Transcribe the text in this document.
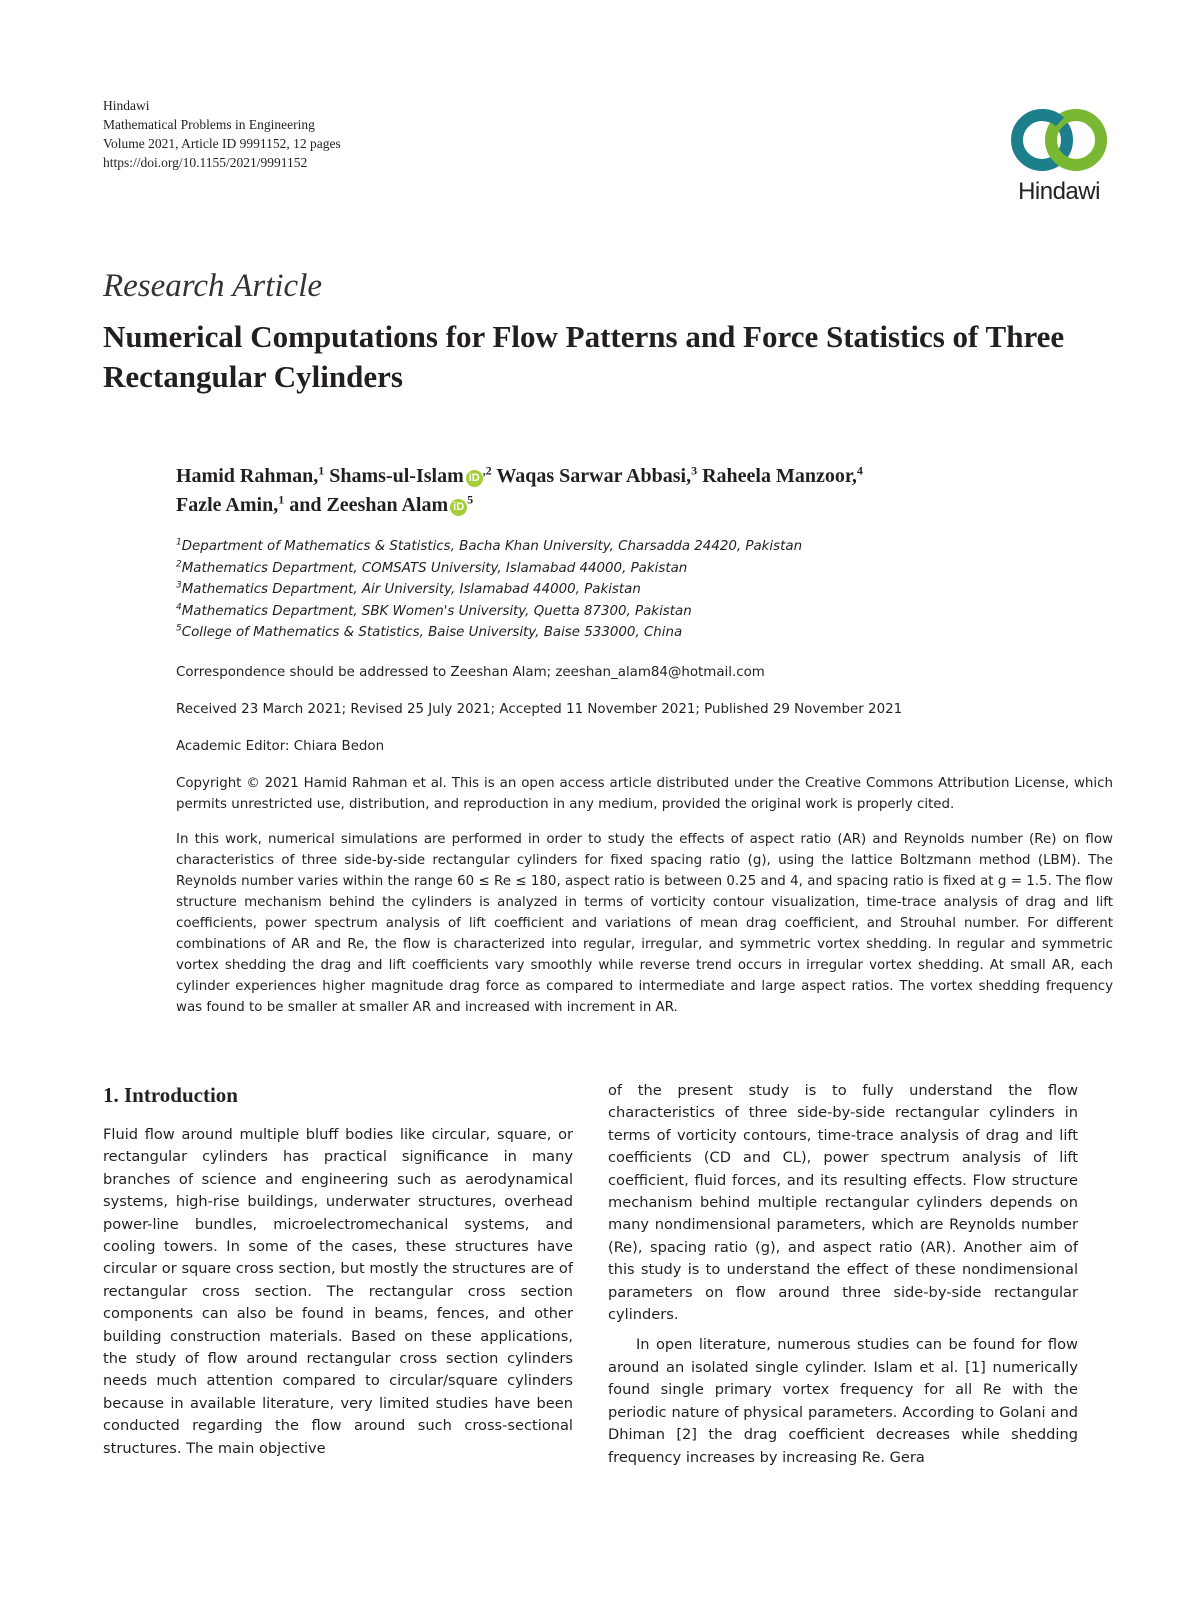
Hindawi
Mathematical Problems in Engineering
Volume 2021, Article ID 9991152, 12 pages
https://doi.org/10.1155/2021/9991152
Hindawi
Research Article
Numerical Computations for Flow Patterns and Force Statistics of Three Rectangular Cylinders

Hamid Rahman,$^1$ Shams-ul-Islam $iD^{,2}$ Waqas Sarwar Abbasi,$^3$ Raheela Manzoor,$^4$
Fazle Amin,$^1$ and Zeeshan Alam $iD^5$

$^1$Department of Mathematics & Statistics, Bacha Khan University, Charsadda 24420, Pakistan
$^2$Mathematics Department, COMSATS University, Islamabad 44000, Pakistan
$^3$Mathematics Department, Air University, Islamabad 44000, Pakistan
$^4$Mathematics Department, SBK Women's University, Quetta 87300, Pakistan
$^5$College of Mathematics & Statistics, Baise University, Baise 533000, China

Correspondence should be addressed to Zeeshan Alam; zeeshan_alam84@hotmail.com

Received 23 March 2021; Revised 25 July 2021; Accepted 11 November 2021; Published 29 November 2021

Academic Editor: Chiara Bedon

Copyright © 2021 Hamid Rahman et al. This is an open access article distributed under the Creative Commons Attribution License, which permits unrestricted use, distribution, and reproduction in any medium, provided the original work is properly cited.

In this work, numerical simulations are performed in order to study the effects of aspect ratio (AR) and Reynolds number (Re) on flow characteristics of three side-by-side rectangular cylinders for fixed spacing ratio (g), using the lattice Boltzmann method (LBM). The Reynolds number varies within the range 60 ≤ Re ≤ 180, aspect ratio is between 0.25 and 4, and spacing ratio is fixed at g = 1.5. The flow structure mechanism behind the cylinders is analyzed in terms of vorticity contour visualization, time-trace analysis of drag and lift coefficients, power spectrum analysis of lift coefficient and variations of mean drag coefficient, and Strouhal number. For different combinations of AR and Re, the flow is characterized into regular, irregular, and symmetric vortex shedding. In regular and symmetric vortex shedding the drag and lift coefficients vary smoothly while reverse trend occurs in irregular vortex shedding. At small AR, each cylinder experiences higher magnitude drag force as compared to intermediate and large aspect ratios. The vortex shedding frequency was found to be smaller at smaller AR and increased with increment in AR.

1. Introduction

Fluid flow around multiple bluff bodies like circular, square, or rectangular cylinders has practical significance in many branches of science and engineering such as aerodynamical systems, high-rise buildings, underwater structures, overhead power-line bundles, microelectromechanical systems, and cooling towers. In some of the cases, these structures have circular or square cross section, but mostly the structures are of rectangular cross section. The rectangular cross section components can also be found in beams, fences, and other building construction materials. Based on these applications, the study of flow around rectangular cross section cylinders needs much attention compared to circular/square cylinders because in available literature, very limited studies have been conducted regarding the flow around such cross-sectional structures. The main objective

of the present study is to fully understand the flow characteristics of three side-by-side rectangular cylinders in terms of vorticity contours, time-trace analysis of drag and lift coefficients (CD and CL), power spectrum analysis of lift coefficient, fluid forces, and its resulting effects. Flow structure mechanism behind multiple rectangular cylinders depends on many nondimensional parameters, which are Reynolds number (Re), spacing ratio (g), and aspect ratio (AR). Another aim of this study is to understand the effect of these nondimensional parameters on flow around three side-by-side rectangular cylinders.

In open literature, numerous studies can be found for flow around an isolated single cylinder. Islam et al. [1] numerically found single primary vortex frequency for all Re with the periodic nature of physical parameters. According to Golani and Dhiman [2] the drag coefficient decreases while shedding frequency increases by increasing Re. Gera
